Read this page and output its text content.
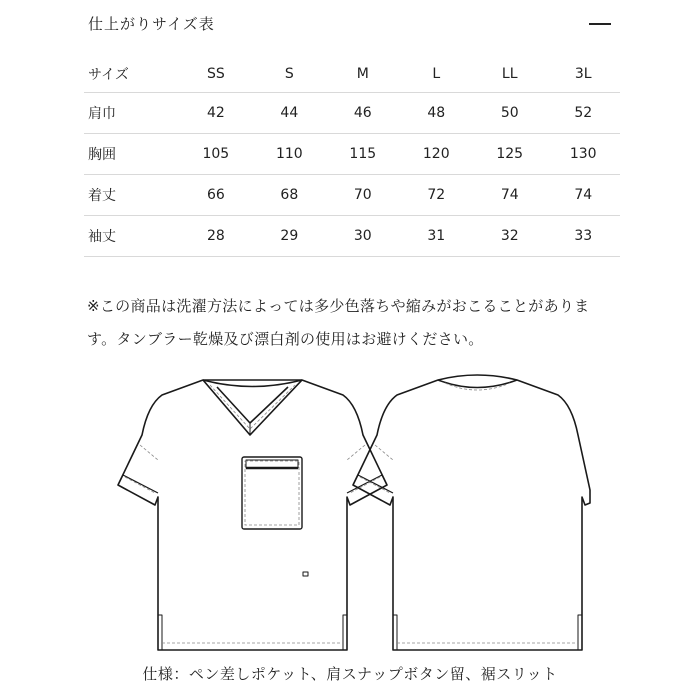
仕上がりサイズ表
サイズ	SS	S	M	L	LL	3L
肩巾	42	44	46	48	50	52
胸囲	105	110	115	120	125	130
着丈	66	68	70	72	74	74
袖丈	28	29	30	31	32	33
※この商品は洗濯方法によっては多少色落ちや縮みがおこることがありま
す。タンブラー乾燥及び漂白剤の使用はお避けください。
仕様：ペン差しポケット、肩スナップボタン留、裾スリット
